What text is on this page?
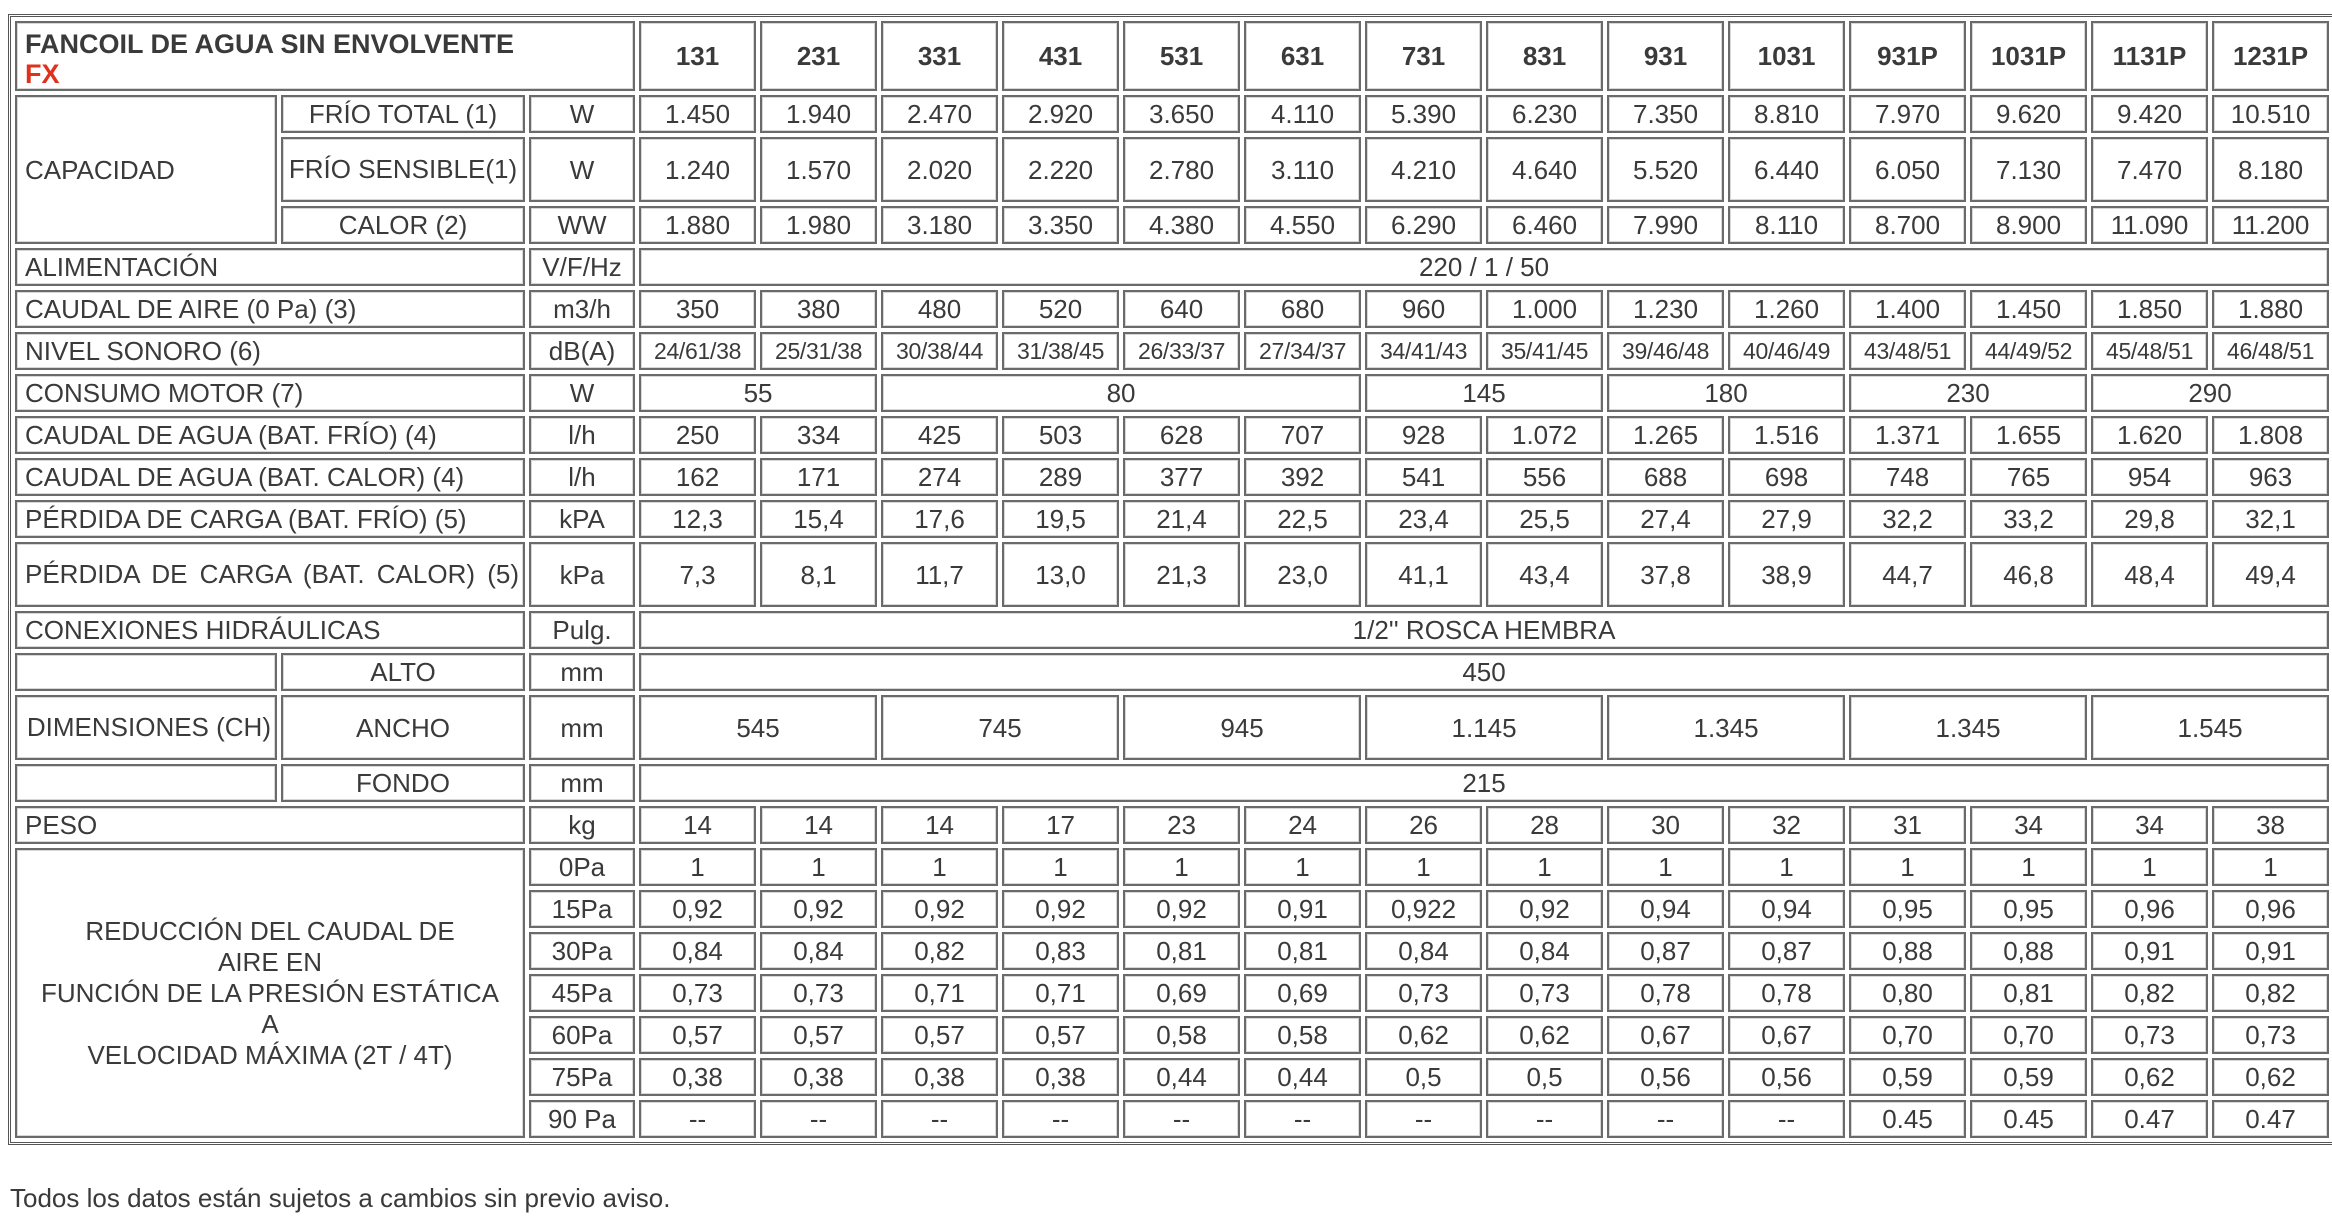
FANCOIL DE AGUA SIN ENVOLVENTE
FX			131	231	331	431	531	631	731	831	931	1031	931P	1031P	1131P	1231P
CAPACIDAD	FRÍO TOTAL (1)	W	1.450	1.940	2.470	2.920	3.650	4.110	5.390	6.230	7.350	8.810	7.970	9.620	9.420	10.510
	FRÍO SENSIBLE(1)	W	1.240	1.570	2.020	2.220	2.780	3.110	4.210	4.640	5.520	6.440	6.050	7.130	7.470	8.180
	CALOR (2)	WW	1.880	1.980	3.180	3.350	4.380	4.550	6.290	6.460	7.990	8.110	8.700	8.900	11.090	11.200
ALIMENTACIÓN		V/F/Hz	220 / 1 / 50													
CAUDAL DE AIRE (0 Pa) (3)		m3/h	350	380	480	520	640	680	960	1.000	1.230	1.260	1.400	1.450	1.850	1.880
NIVEL SONORO (6)		dB(A)	24/61/38	25/31/38	30/38/44	31/38/45	26/33/37	27/34/37	34/41/43	35/41/45	39/46/48	40/46/49	43/48/51	44/49/52	45/48/51	46/48/51
CONSUMO MOTOR (7)		W	55		80				145		180		230		290	
CAUDAL DE AGUA (BAT. FRÍO) (4)		l/h	250	334	425	503	628	707	928	1.072	1.265	1.516	1.371	1.655	1.620	1.808
CAUDAL DE AGUA (BAT. CALOR) (4)		l/h	162	171	274	289	377	392	541	556	688	698	748	765	954	963
PÉRDIDA DE CARGA (BAT. FRÍO) (5)		kPA	12,3	15,4	17,6	19,5	21,4	22,5	23,4	25,5	27,4	27,9	32,2	33,2	29,8	32,1
PÉRDIDA DE CARGA (BAT. CALOR) (5)		kPa	7,3	8,1	11,7	13,0	21,3	23,0	41,1	43,4	37,8	38,9	44,7	46,8	48,4	49,4
CONEXIONES HIDRÁULICAS		Pulg.	1/2'' ROSCA HEMBRA													
	ALTO	mm	450													
DIMENSIONES (CH)	ANCHO	mm	545		745		945		1.145		1.345		1.345		1.545	
	FONDO	mm	215													
PESO		kg	14	14	14	17	23	24	26	28	30	32	31	34	34	38
REDUCCIÓN DEL CAUDAL DE
AIRE EN
FUNCIÓN DE LA PRESIÓN ESTÁTICA
A
VELOCIDAD MÁXIMA (2T / 4T)		0Pa	1	1	1	1	1	1	1	1	1	1	1	1	1	1
		15Pa	0,92	0,92	0,92	0,92	0,92	0,91	0,922	0,92	0,94	0,94	0,95	0,95	0,96	0,96
		30Pa	0,84	0,84	0,82	0,83	0,81	0,81	0,84	0,84	0,87	0,87	0,88	0,88	0,91	0,91
		45Pa	0,73	0,73	0,71	0,71	0,69	0,69	0,73	0,73	0,78	0,78	0,80	0,81	0,82	0,82
		60Pa	0,57	0,57	0,57	0,57	0,58	0,58	0,62	0,62	0,67	0,67	0,70	0,70	0,73	0,73
		75Pa	0,38	0,38	0,38	0,38	0,44	0,44	0,5	0,5	0,56	0,56	0,59	0,59	0,62	0,62
		90 Pa	--	--	--	--	--	--	--	--	--	--	0.45	0.45	0.47	0.47
Todos los datos están sujetos a cambios sin previo aviso.
